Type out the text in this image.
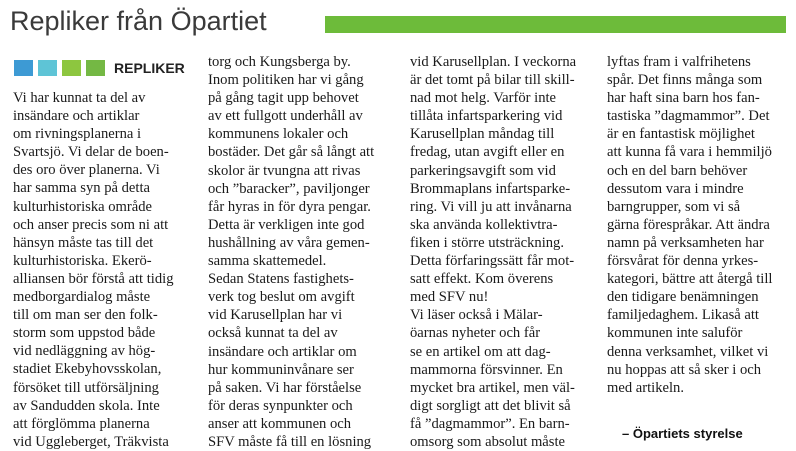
Repliker från Öpartiet
REPLIKER
Vi har kunnat ta del av
insändare och artiklar
om rivningsplanerna i
Svartsjö. Vi delar de boen-
des oro över planerna. Vi
har samma syn på detta
kulturhistoriska område
och anser precis som ni att
hänsyn måste tas till det
kulturhistoriska. Ekerö-
alliansen bör förstå att tidig
medborgardialog måste
till om man ser den folk-
storm som uppstod både
vid nedläggning av hög-
stadiet Ekebyhovsskolan,
försöket till utförsäljning
av Sandudden skola. Inte
att förglömma planerna
vid Uggleberget, Träkvista
torg och Kungsberga by.
Inom politiken har vi gång
på gång tagit upp behovet
av ett fullgott underhåll av
kommunens lokaler och
bostäder. Det går så långt att
skolor är tvungna att rivas
och ”baracker”, paviljonger
får hyras in för dyra pengar.
Detta är verkligen inte god
hushållning av våra gemen-
samma skattemedel.
Sedan Statens fastighets-
verk tog beslut om avgift
vid Karusellplan har vi
också kunnat ta del av
insändare och artiklar om
hur kommuninvånare ser
på saken. Vi har förståelse
för deras synpunkter och
anser att kommunen och
SFV måste få till en lösning
vid Karusellplan. I veckorna
är det tomt på bilar till skill-
nad mot helg. Varför inte
tillåta infartsparkering vid
Karusellplan måndag till
fredag, utan avgift eller en
parkeringsavgift som vid
Brommaplans infartsparke-
ring. Vi vill ju att invånarna
ska använda kollektivtra-
fiken i större utsträckning.
Detta förfaringssätt får mot-
satt effekt. Kom överens
med SFV nu!
Vi läser också i Mälar-
öarnas nyheter och får
se en artikel om att dag-
mammorna försvinner. En
mycket bra artikel, men väl-
digt sorgligt att det blivit så
få ”dagmammor”. En barn-
omsorg som absolut måste
lyftas fram i valfrihetens
spår. Det finns många som
har haft sina barn hos fan-
tastiska ”dagmammor”. Det
är en fantastisk möjlighet
att kunna få vara i hemmiljö
och en del barn behöver
dessutom vara i mindre
barngrupper, som vi så
gärna förespråkar. Att ändra
namn på verksamheten har
försvårat för denna yrkes-
kategori, bättre att återgå till
den tidigare benämningen
familjedaghem. Likaså att
kommunen inte saluför
denna verksamhet, vilket vi
nu hoppas att så sker i och
med artikeln.
– Öpartiets styrelse
